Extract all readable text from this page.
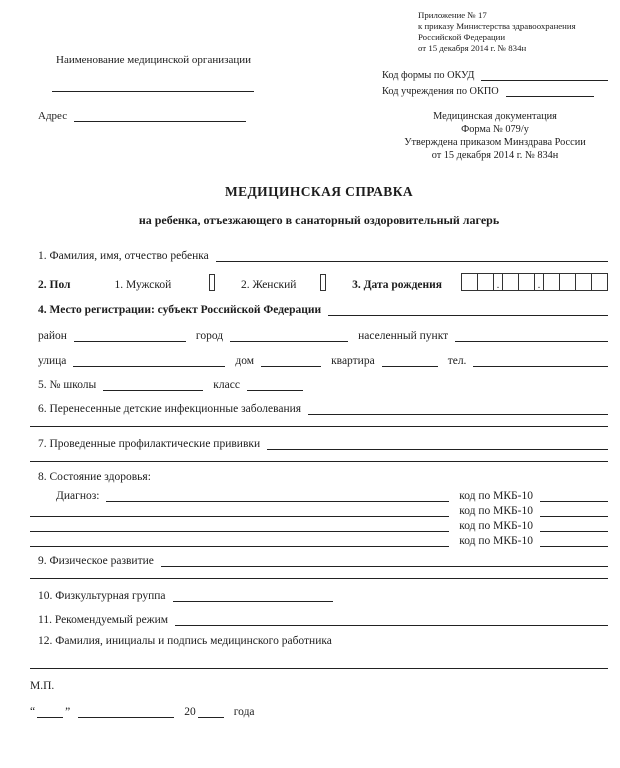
Наименование медицинской организации
Адрес
Приложение № 17
к приказу Министерства здравоохранения
Российской Федерации
от 15 декабря 2014 г. № 834н
Код формы по ОКУД
Код учреждения по ОКПО
Медицинская документация
Форма № 079/у
Утверждена приказом Минздрава России
от 15 декабря 2014 г. № 834н
МЕДИЦИНСКАЯ СПРАВКА
на ребенка, отъезжающего в санаторный оздоровительный лагерь
1. Фамилия, имя, отчество ребенка
2. Пол	1. Мужской	2. Женский	3. Дата рождения	.	.
4. Место регистрации: субъект Российской Федерации
район	город	населенный пункт
улица	дом	квартира	тел.
5. № школы	класс
6. Перенесенные детские инфекционные заболевания
7. Проведенные профилактические прививки
8. Состояние здоровья:
Диагноз:	код по МКБ-10
код по МКБ-10
код по МКБ-10
код по МКБ-10
9. Физическое развитие
10. Физкультурная группа
11. Рекомендуемый режим
12. Фамилия, инициалы и подпись медицинского работника
М.П.
“	”	20	года
